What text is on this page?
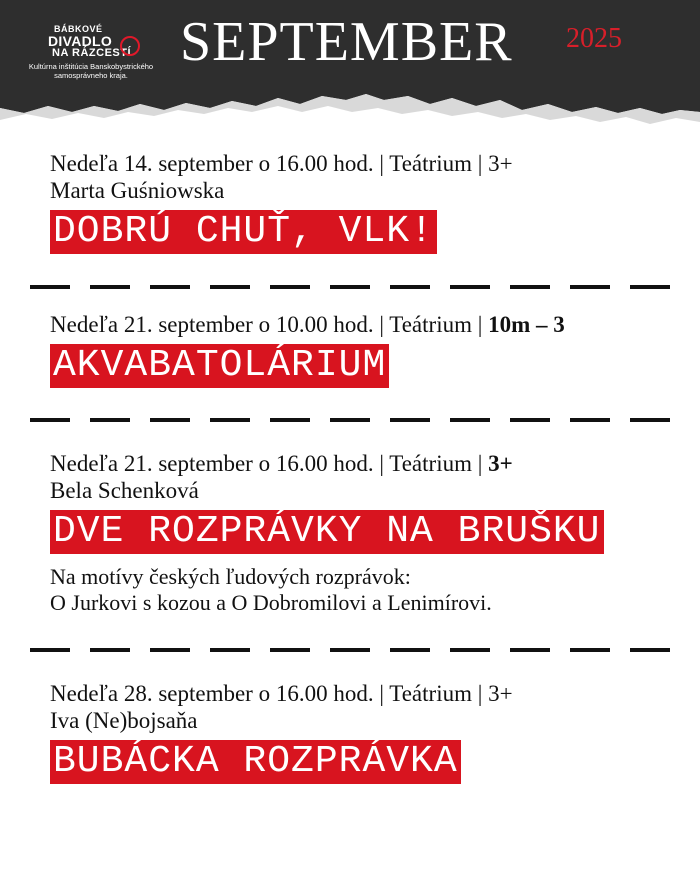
BÁBKOVÉ
DIVADLO
NA RÁZCESTÍ
Kultúrna inštitúcia Banskobystrického
samosprávneho kraja.
SEPTEMBER 2025
Nedeľa 14. september o 16.00 hod. | Teátrium | 3+
Marta Guśniowska
DOBRÚ CHUŤ, VLK!
Nedeľa 21. september o 10.00 hod. | Teátrium | 10m – 3
AKVABATOLÁRIUM
Nedeľa 21. september o 16.00 hod. | Teátrium | 3+
Bela Schenková
DVE ROZPRÁVKY NA BRUŠKU
Na motívy českých ľudových rozprávok:
O Jurkovi s kozou a O Dobromilovi a Lenimírovi.
Nedeľa 28. september o 16.00 hod. | Teátrium | 3+
Iva (Ne)bojsaňa
BUBÁCKA ROZPRÁVKA
